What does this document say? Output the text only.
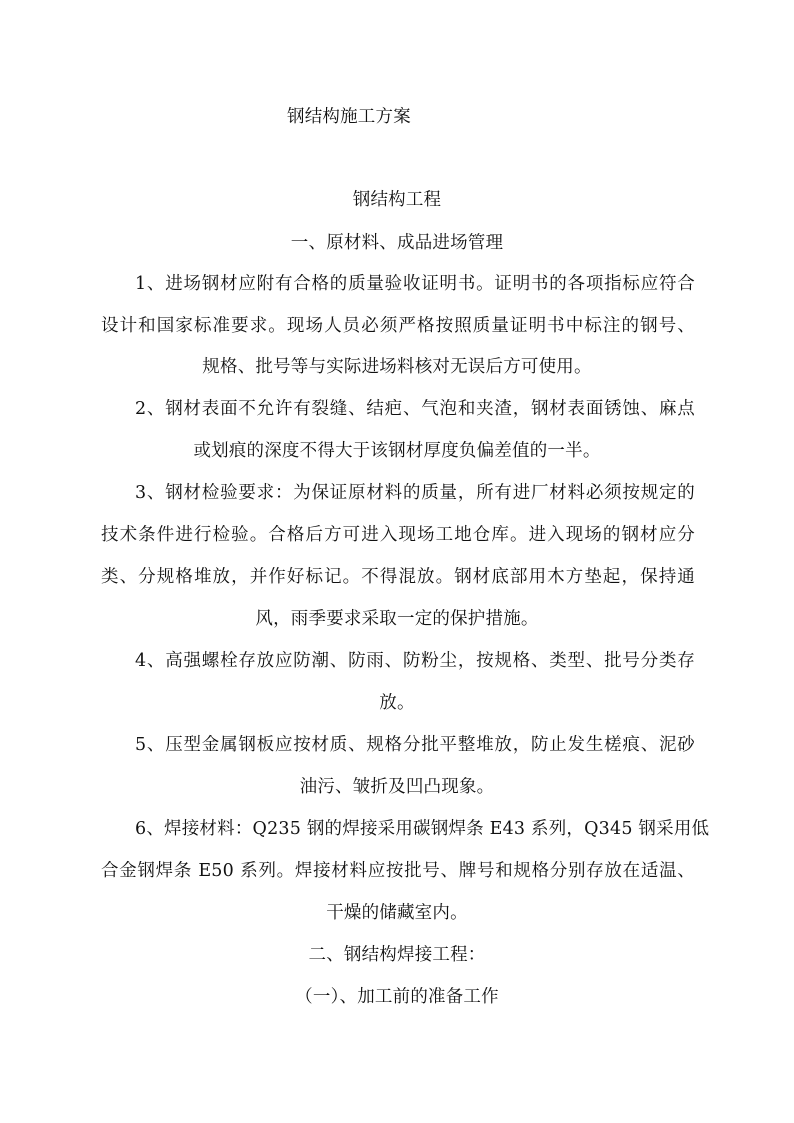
钢结构施工方案
钢结构工程
一、原材料、成品进场管理
1、进场钢材应附有合格的质量验收证明书。证明书的各项指标应符合
设计和国家标准要求。现场人员必须严格按照质量证明书中标注的钢号、
规格、批号等与实际进场料核对无误后方可使用。
2、钢材表面不允许有裂缝、结疤、气泡和夹渣，钢材表面锈蚀、麻点
或划痕的深度不得大于该钢材厚度负偏差值的一半。
3、钢材检验要求：为保证原材料的质量，所有进厂材料必须按规定的
技术条件进行检验。合格后方可进入现场工地仓库。进入现场的钢材应分
类、分规格堆放，并作好标记。不得混放。钢材底部用木方垫起，保持通
风，雨季要求采取一定的保护措施。
4、高强螺栓存放应防潮、防雨、防粉尘，按规格、类型、批号分类存
放。
5、压型金属钢板应按材质、规格分批平整堆放，防止发生槎痕、泥砂
油污、皱折及凹凸现象。
6、焊接材料：Q235 钢的焊接采用碳钢焊条 E43 系列，Q345 钢采用低
合金钢焊条 E50 系列。焊接材料应按批号、牌号和规格分别存放在适温、
干燥的储藏室内。
二、钢结构焊接工程：
（一）、加工前的准备工作
